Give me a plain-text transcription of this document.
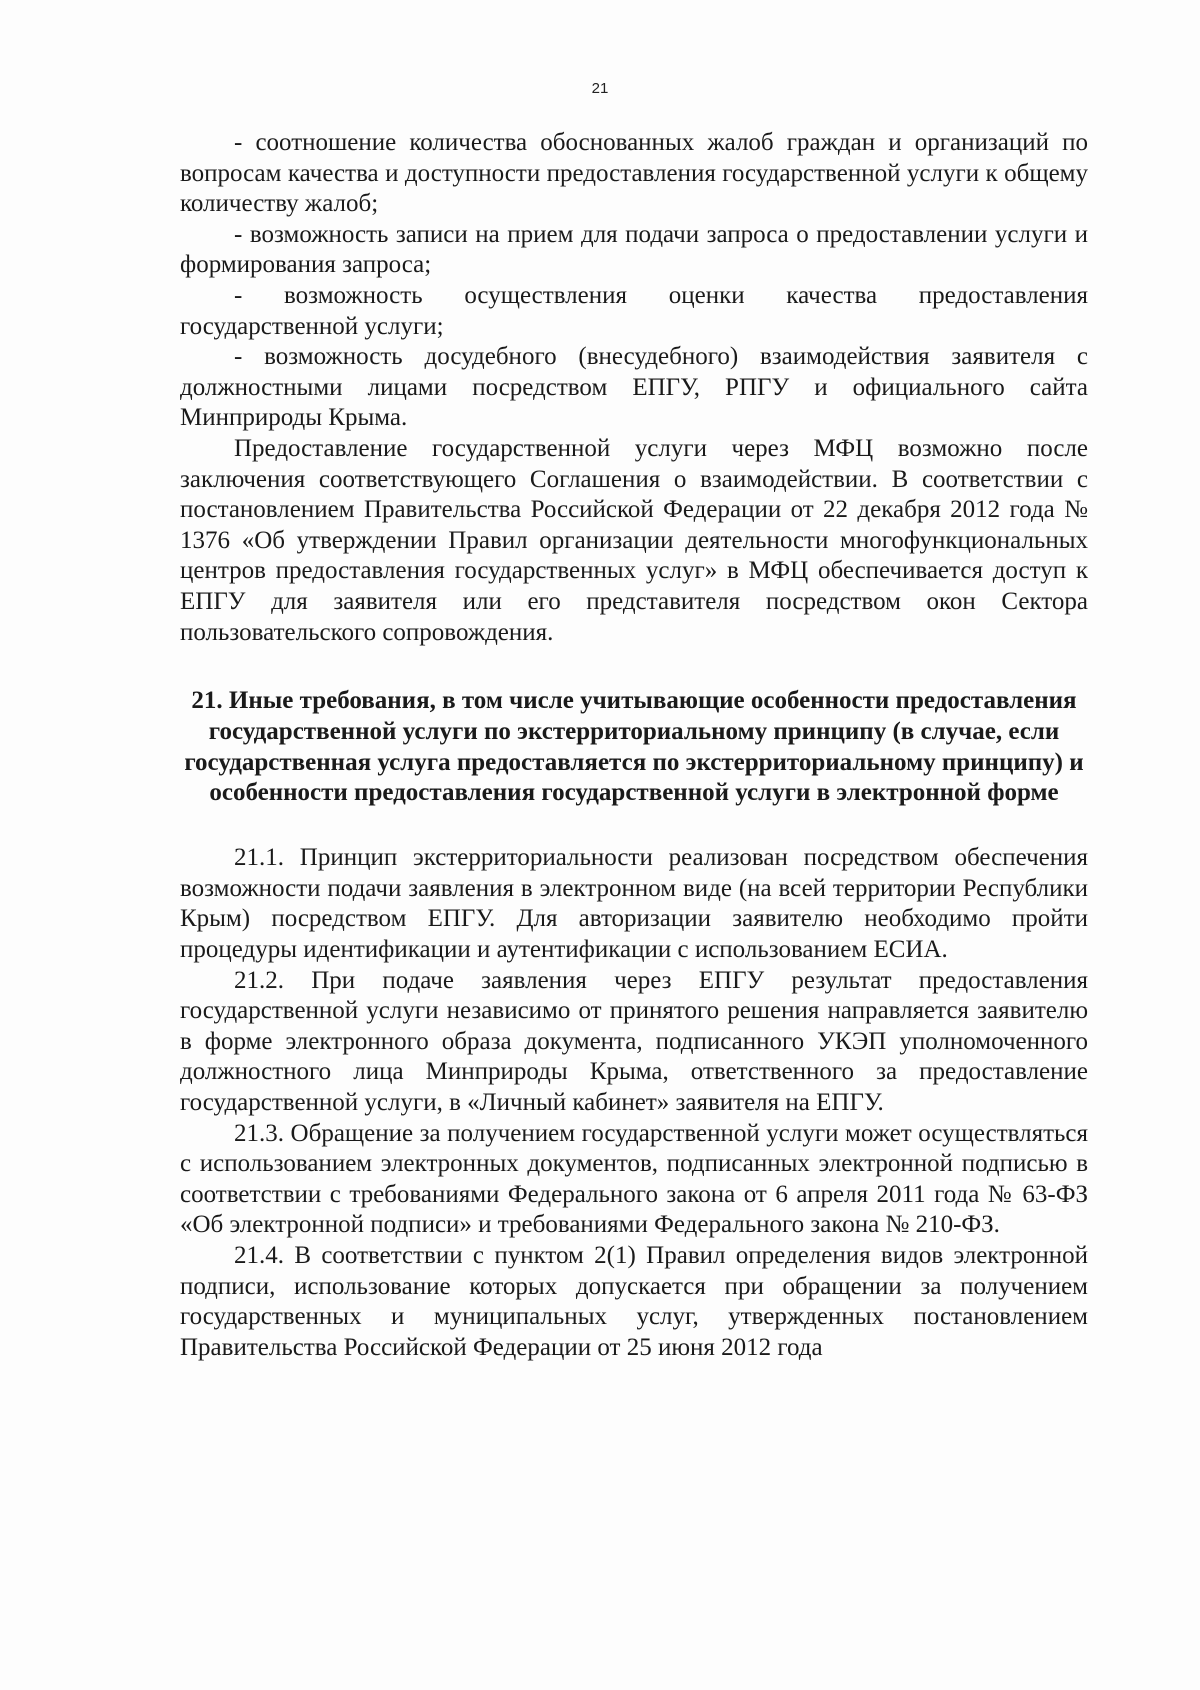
21

- соотношение количества обоснованных жалоб граждан и организаций по вопросам качества и доступности предоставления государственной услуги к общему количеству жалоб;

- возможность записи на прием для подачи запроса о предоставлении услуги и формирования запроса;

- возможность осуществления оценки качества предоставления государственной услуги;

- возможность досудебного (внесудебного) взаимодействия заявителя с должностными лицами посредством ЕПГУ, РПГУ и официального сайта Минприроды Крыма.

Предоставление государственной услуги через МФЦ возможно после заключения соответствующего Соглашения о взаимодействии. В соответствии с постановлением Правительства Российской Федерации от 22 декабря 2012 года № 1376 «Об утверждении Правил организации деятельности многофункциональных центров предоставления государственных услуг» в МФЦ обеспечивается доступ к ЕПГУ для заявителя или его представителя посредством окон Сектора пользовательского сопровождения.

21. Иные требования, в том числе учитывающие особенности предоставления государственной услуги по экстерриториальному принципу (в случае, если государственная услуга предоставляется по экстерриториальному принципу) и особенности предоставления государственной услуги в электронной форме

21.1. Принцип экстерриториальности реализован посредством обеспечения возможности подачи заявления в электронном виде (на всей территории Республики Крым) посредством ЕПГУ. Для авторизации заявителю необходимо пройти процедуры идентификации и аутентификации с использованием ЕСИА.

21.2. При подаче заявления через ЕПГУ результат предоставления государственной услуги независимо от принятого решения направляется заявителю в форме электронного образа документа, подписанного УКЭП уполномоченного должностного лица Минприроды Крыма, ответственного за предоставление государственной услуги, в «Личный кабинет» заявителя на ЕПГУ.

21.3. Обращение за получением государственной услуги может осуществляться с использованием электронных документов, подписанных электронной подписью в соответствии с требованиями Федерального закона от 6 апреля 2011 года № 63-ФЗ «Об электронной подписи» и требованиями Федерального закона № 210-ФЗ.

21.4. В соответствии с пунктом 2(1) Правил определения видов электронной подписи, использование которых допускается при обращении за получением государственных и муниципальных услуг, утвержденных постановлением Правительства Российской Федерации от 25 июня 2012 года
